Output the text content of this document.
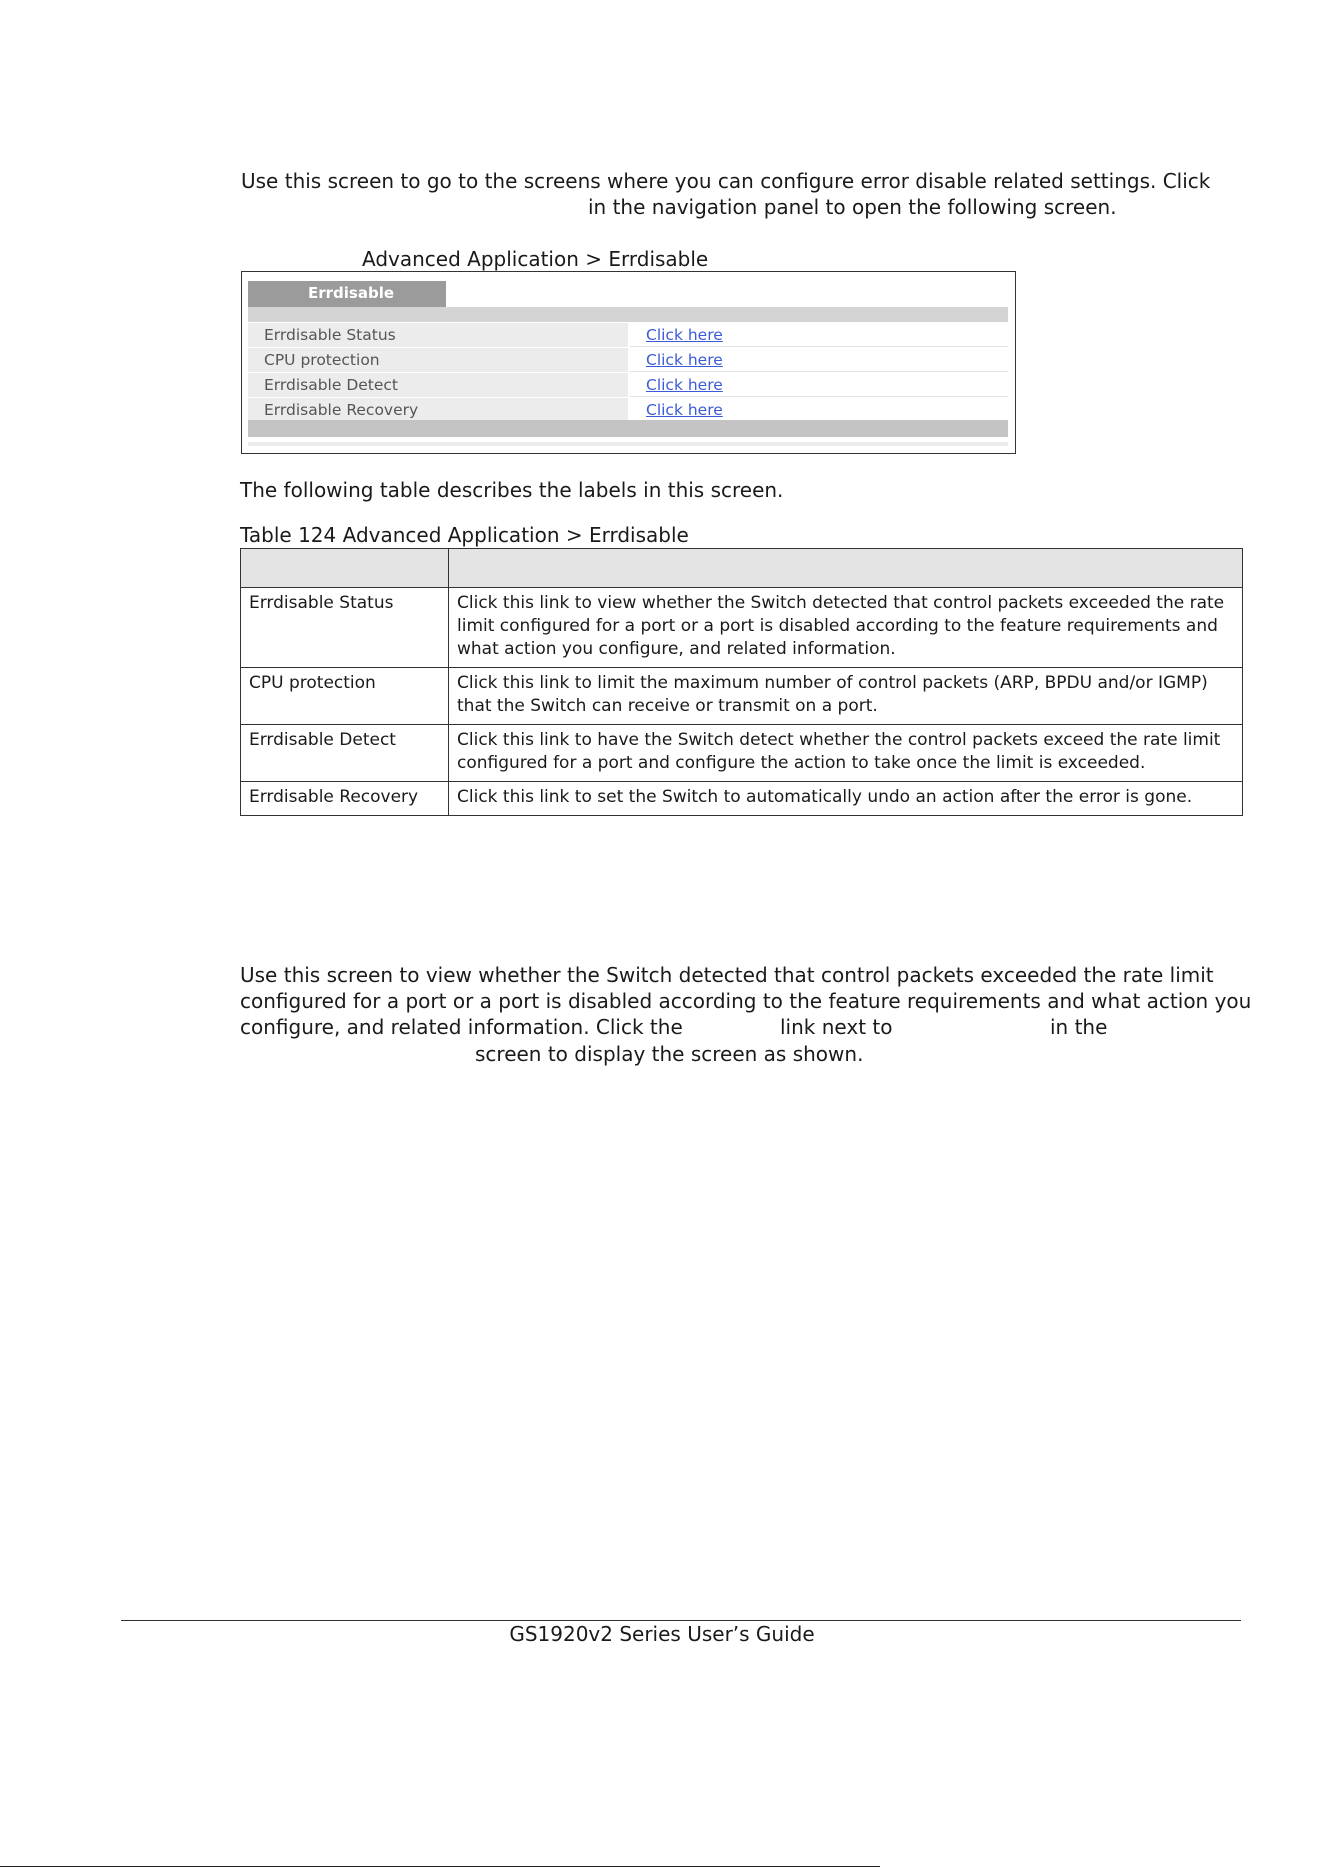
Use this screen to go to the screens where you can configure error disable related settings. Click
in the navigation panel to open the following screen.
Advanced Application > Errdisable
Errdisable
Errdisable Status	Click here
CPU protection	Click here
Errdisable Detect	Click here
Errdisable Recovery	Click here
The following table describes the labels in this screen.
Table 124 Advanced Application > Errdisable

Errdisable Status	Click this link to view whether the Switch detected that control packets exceeded the rate
limit configured for a port or a port is disabled according to the feature requirements and
what action you configure, and related information.

CPU protection	Click this link to limit the maximum number of control packets (ARP, BPDU and/or IGMP)
that the Switch can receive or transmit on a port.

Errdisable Detect	Click this link to have the Switch detect whether the control packets exceed the rate limit
configured for a port and configure the action to take once the limit is exceeded.

Errdisable Recovery	Click this link to set the Switch to automatically undo an action after the error is gone.
Use this screen to view whether the Switch detected that control packets exceeded the rate limit
configured for a port or a port is disabled according to the feature requirements and what action you
configure, and related information. Click the	link next to	in the
screen to display the screen as shown.
GS1920v2 Series User’s Guide
